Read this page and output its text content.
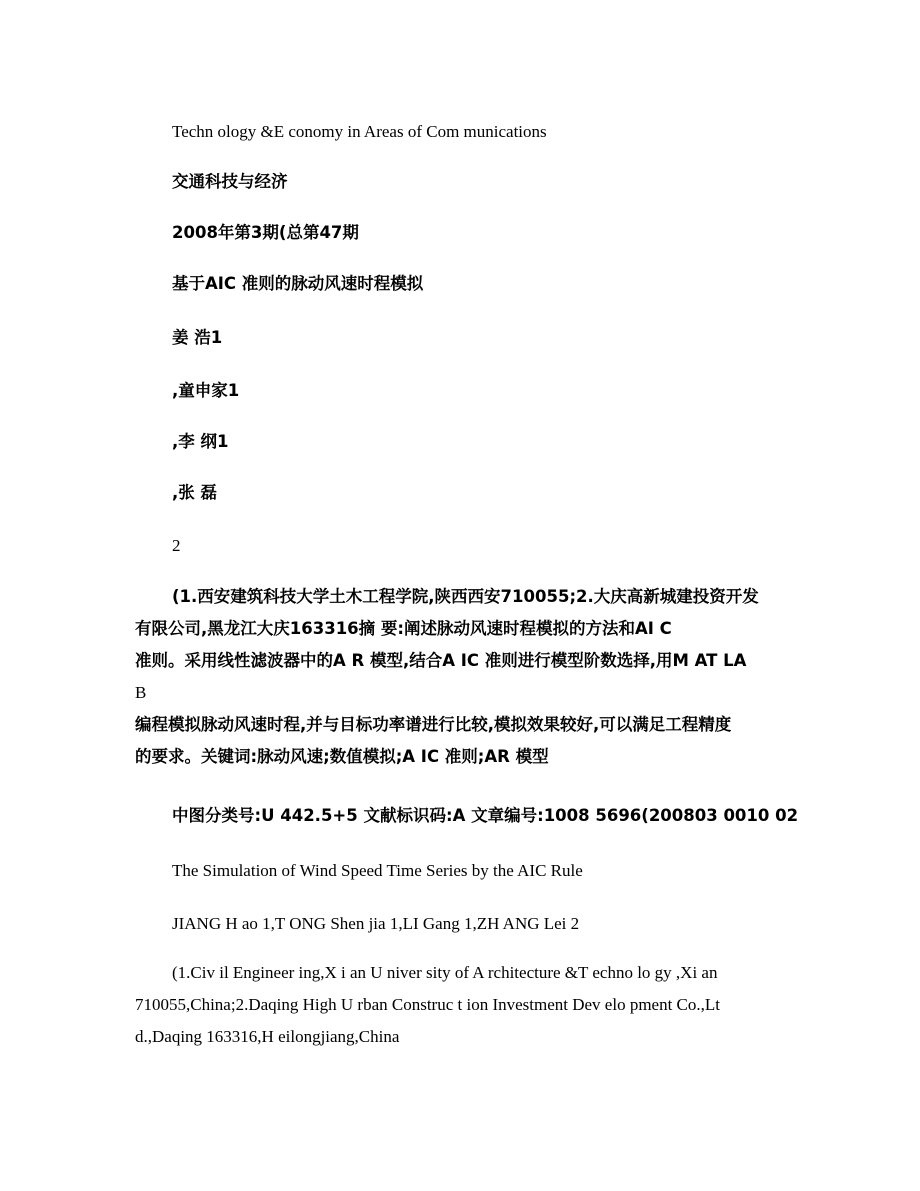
Techn ology &E conomy in Areas of Com munications
交通科技与经济
2008年第3期(总第47期
基于AIC 准则的脉动风速时程模拟
姜 浩1
,童申家1
,李 纲1
,张 磊
2
(1.西安建筑科技大学土木工程学院,陕西西安710055;2.大庆高新城建投资开发
有限公司,黑龙江大庆163316摘 要:阐述脉动风速时程模拟的方法和AI C
准则。采用线性滤波器中的A R 模型,结合A IC 准则进行模型阶数选择,用M AT LA
B
编程模拟脉动风速时程,并与目标功率谱进行比较,模拟效果较好,可以满足工程精度
的要求。关键词:脉动风速;数值模拟;A IC 准则;AR 模型
中图分类号:U 442.5+5 文献标识码:A 文章编号:1008 5696(200803 0010 02
The Simulation of Wind Speed Time Series by the AIC Rule
JIANG H ao 1,T ONG Shen jia 1,LI Gang 1,ZH ANG Lei 2
(1.Civ il Engineer ing,X i an U niver sity of A rchitecture &T echno lo gy ,Xi an
710055,China;2.Daqing High U rban Construc t ion Investment Dev elo pment Co.,Lt
d.,Daqing 163316,H eilongjiang,China
